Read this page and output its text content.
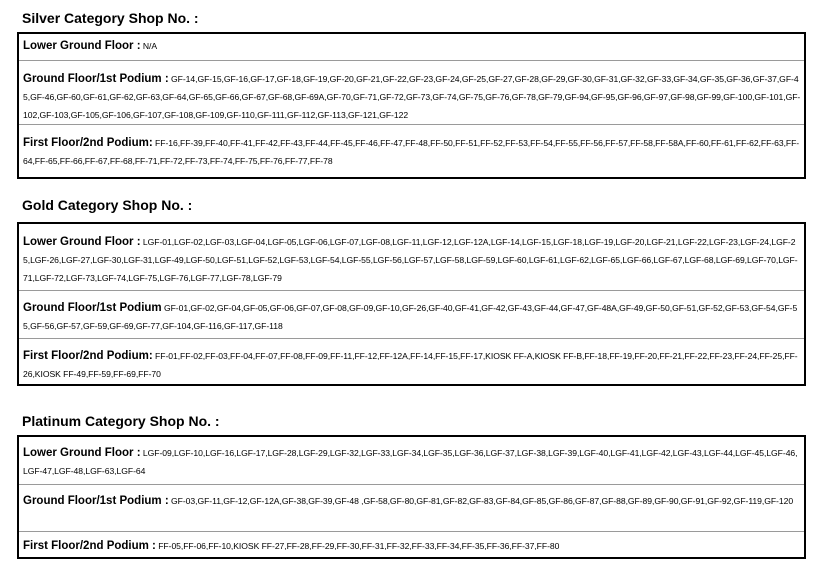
Silver Category Shop No. :

Lower Ground Floor : N/A

Ground Floor/1st Podium : GF-14,GF-15,GF-16,GF-17,GF-18,GF-19,GF-20,GF-21,GF-22,GF-23,GF-24,GF-25,GF-27,GF-28,GF-29,GF-30,GF-31,GF-32,GF-33,GF-34,GF-35,GF-36,GF-37,GF-45,GF-46,GF-60,GF-61,GF-62,GF-63,GF-64,GF-65,GF-66,GF-67,GF-68,GF-69A,GF-70,GF-71,GF-72,GF-73,GF-74,GF-75,GF-76,GF-78,GF-79,GF-94,GF-95,GF-96,GF-97,GF-98,GF-99,GF-100,GF-101,GF-102,GF-103,GF-105,GF-106,GF-107,GF-108,GF-109,GF-110,GF-111,GF-112,GF-113,GF-121,GF-122

First Floor/2nd Podium: FF-16,FF-39,FF-40,FF-41,FF-42,FF-43,FF-44,FF-45,FF-46,FF-47,FF-48,FF-50,FF-51,FF-52,FF-53,FF-54,FF-55,FF-56,FF-57,FF-58,FF-58A,FF-60,FF-61,FF-62,FF-63,FF-64,FF-65,FF-66,FF-67,FF-68,FF-71,FF-72,FF-73,FF-74,FF-75,FF-76,FF-77,FF-78

Gold Category Shop No. :

Lower Ground Floor : LGF-01,LGF-02,LGF-03,LGF-04,LGF-05,LGF-06,LGF-07,LGF-08,LGF-11,LGF-12,LGF-12A,LGF-14,LGF-15,LGF-18,LGF-19,LGF-20,LGF-21,LGF-22,LGF-23,LGF-24,LGF-25,LGF-26,LGF-27,LGF-30,LGF-31,LGF-49,LGF-50,LGF-51,LGF-52,LGF-53,LGF-54,LGF-55,LGF-56,LGF-57,LGF-58,LGF-59,LGF-60,LGF-61,LGF-62,LGF-65,LGF-66,LGF-67,LGF-68,LGF-69,LGF-70,LGF-71,LGF-72,LGF-73,LGF-74,LGF-75,LGF-76,LGF-77,LGF-78,LGF-79

Ground Floor/1st Podium GF-01,GF-02,GF-04,GF-05,GF-06,GF-07,GF-08,GF-09,GF-10,GF-26,GF-40,GF-41,GF-42,GF-43,GF-44,GF-47,GF-48A,GF-49,GF-50,GF-51,GF-52,GF-53,GF-54,GF-55,GF-56,GF-57,GF-59,GF-69,GF-77,GF-104,GF-116,GF-117,GF-118

First Floor/2nd Podium: FF-01,FF-02,FF-03,FF-04,FF-07,FF-08,FF-09,FF-11,FF-12,FF-12A,FF-14,FF-15,FF-17,KIOSK FF-A,KIOSK FF-B,FF-18,FF-19,FF-20,FF-21,FF-22,FF-23,FF-24,FF-25,FF-26,KIOSK FF-49,FF-59,FF-69,FF-70

Platinum Category Shop No. :

Lower Ground Floor : LGF-09,LGF-10,LGF-16,LGF-17,LGF-28,LGF-29,LGF-32,LGF-33,LGF-34,LGF-35,LGF-36,LGF-37,LGF-38,LGF-39,LGF-40,LGF-41,LGF-42,LGF-43,LGF-44,LGF-45,LGF-46,LGF-47,LGF-48,LGF-63,LGF-64

Ground Floor/1st Podium : GF-03,GF-11,GF-12,GF-12A,GF-38,GF-39,GF-48 ,GF-58,GF-80,GF-81,GF-82,GF-83,GF-84,GF-85,GF-86,GF-87,GF-88,GF-89,GF-90,GF-91,GF-92,GF-119,GF-120

First Floor/2nd Podium : FF-05,FF-06,FF-10,KIOSK FF-27,FF-28,FF-29,FF-30,FF-31,FF-32,FF-33,FF-34,FF-35,FF-36,FF-37,FF-80
